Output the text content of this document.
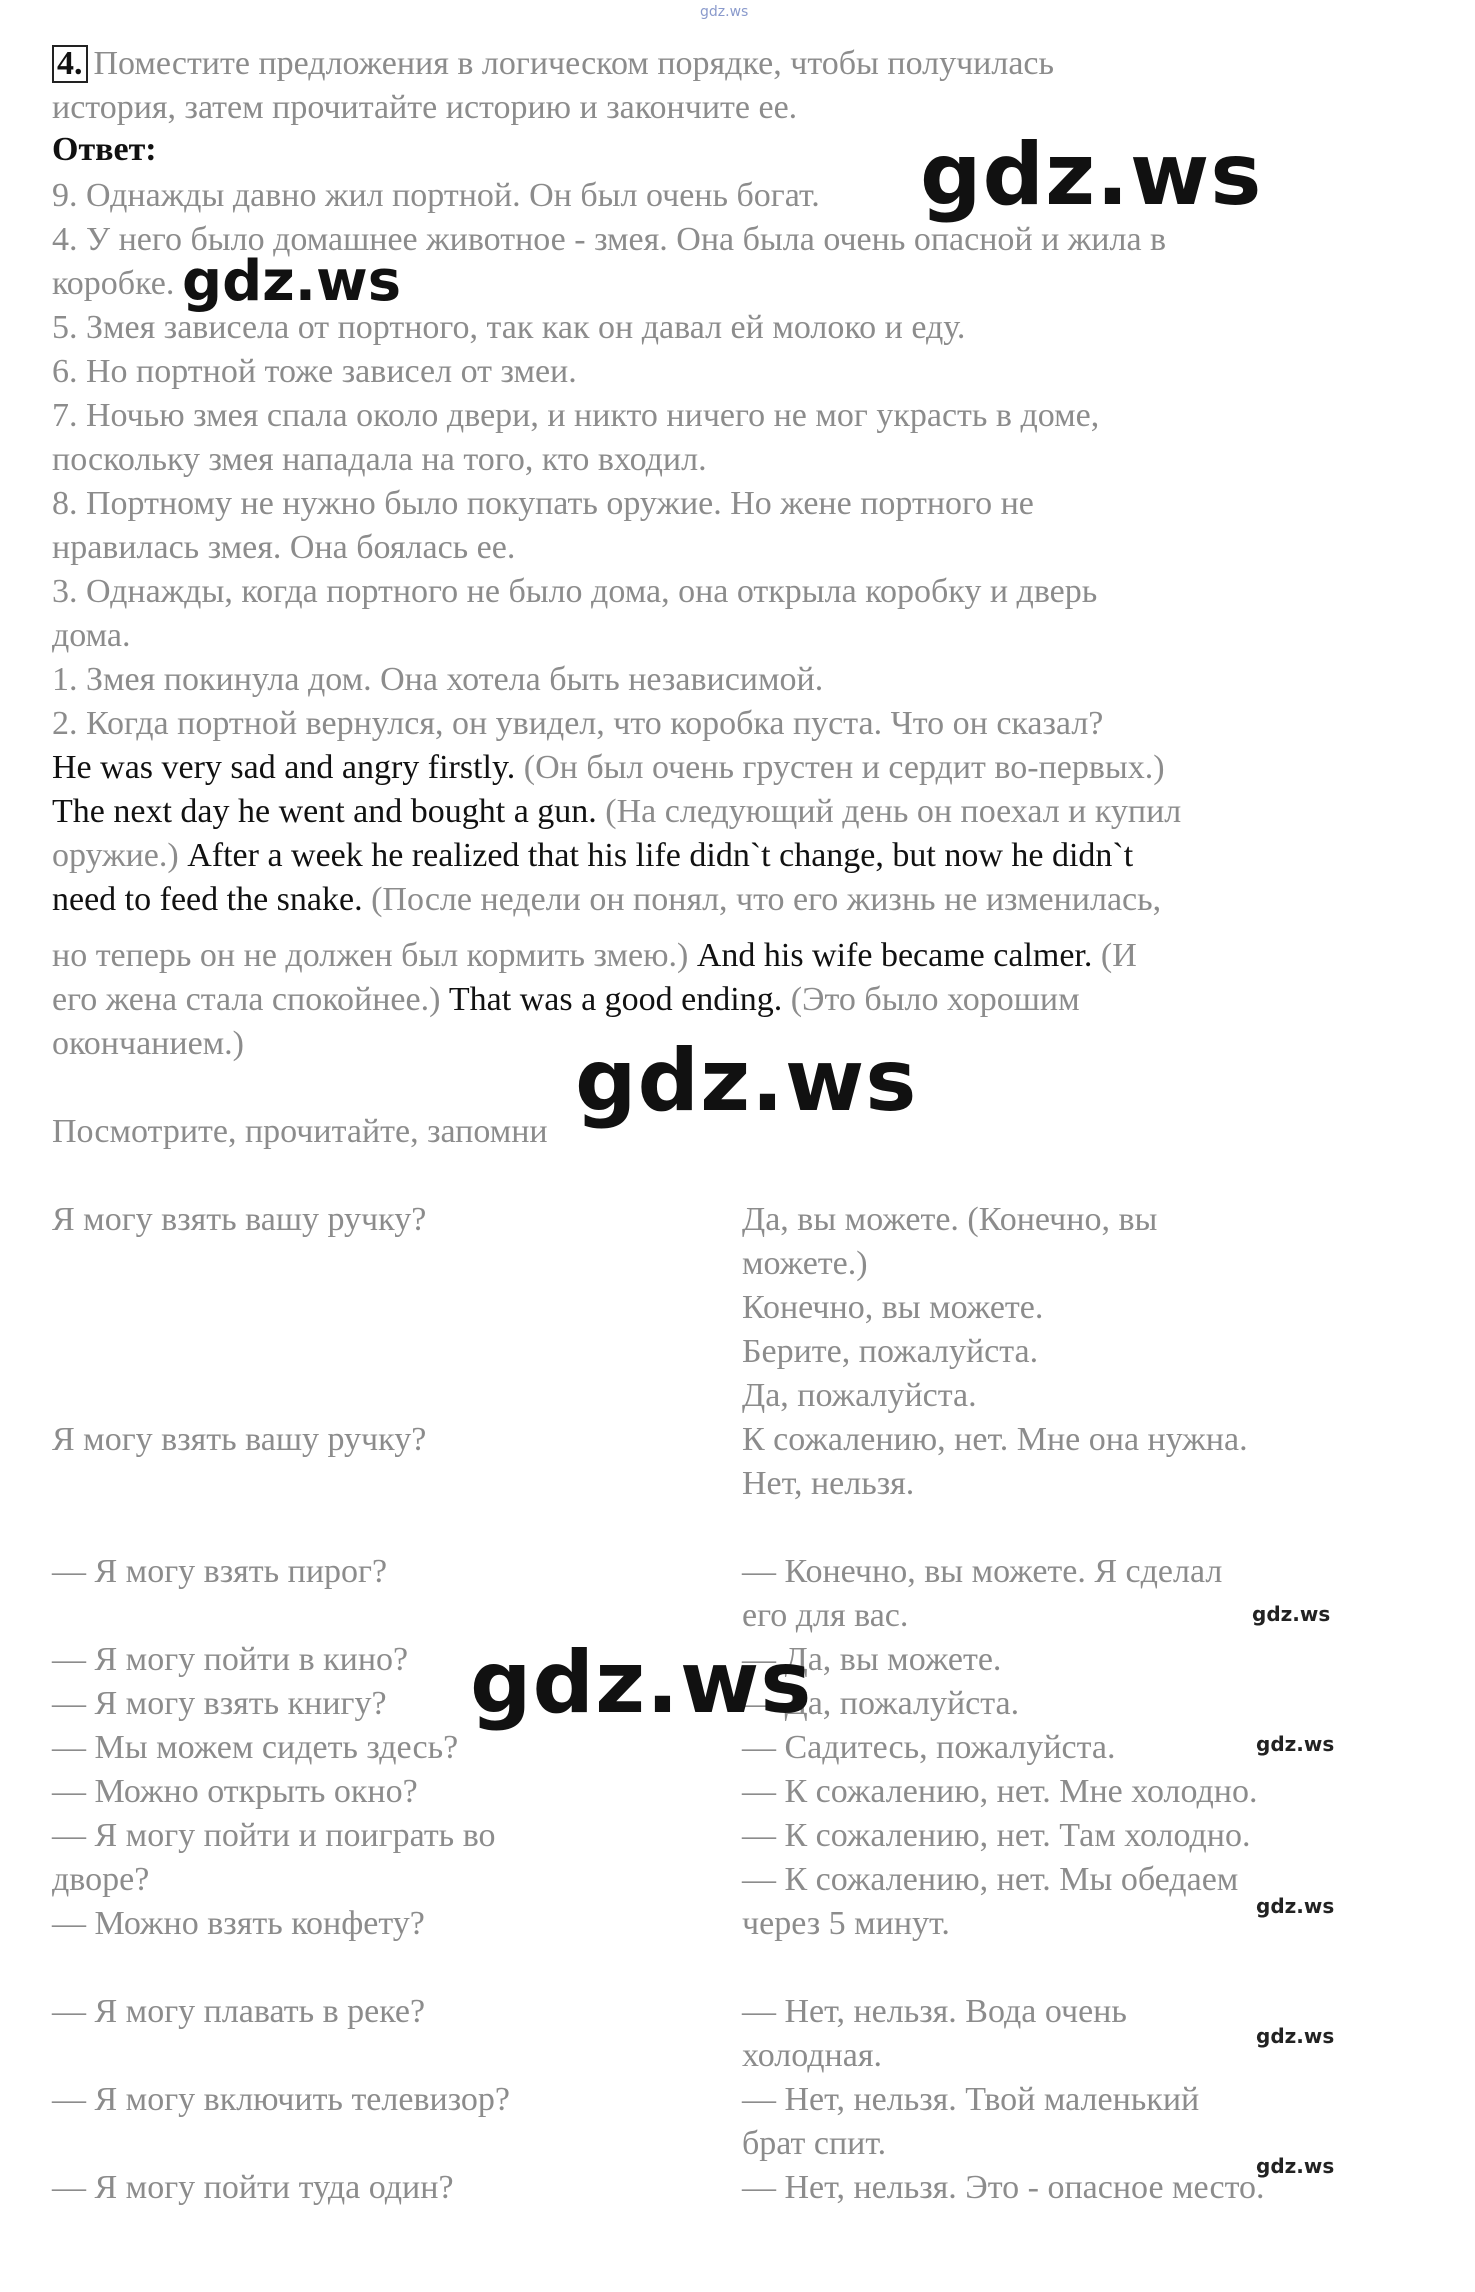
gdz.ws
4. Поместите предложения в логическом порядке, чтобы получилась
история, затем прочитайте историю и закончите ее.
Ответ:
9. Однажды давно жил портной. Он был очень богат.
4. У него было домашнее животное - змея. Она была очень опасной и жила в
коробке.
5. Змея зависела от портного, так как он давал ей молоко и еду.
6. Но портной тоже зависел от змеи.
7. Ночью змея спала около двери, и никто ничего не мог украсть в доме,
поскольку змея нападала на того, кто входил.
8. Портному не нужно было покупать оружие. Но жене портного не
нравилась змея. Она боялась ее.
3. Однажды, когда портного не было дома, она открыла коробку и дверь
дома.
1. Змея покинула дом. Она хотела быть независимой.
2. Когда портной вернулся, он увидел, что коробка пуста. Что он сказал?
He was very sad and angry firstly. (Он был очень грустен и сердит во-первых.)
The next day he went and bought a gun. (На следующий день он поехал и купил
оружие.) After a week he realized that his life didn`t change, but now he didn`t
need to feed the snake. (После недели он понял, что его жизнь не изменилась,
но теперь он не должен был кормить змею.) And his wife became calmer. (И
его жена стала спокойнее.) That was a good ending. (Это было хорошим
окончанием.)
Посмотрите, прочитайте, запомни
Я могу взять вашу ручку?	Да, вы можете. (Конечно, вы
можете.)
Конечно, вы можете.
Берите, пожалуйста.
Да, пожалуйста.
Я могу взять вашу ручку?	К сожалению, нет. Мне она нужна.
Нет, нельзя.
— Я могу взять пирог?
— Я могу пойти в кино?
— Я могу взять книгу?
— Мы можем сидеть здесь?
— Можно открыть окно?
— Я могу пойти и поиграть во
дворе?
— Можно взять конфету?
— Я могу плавать в реке?
— Я могу включить телевизор?
— Я могу пойти туда один?
— Конечно, вы можете. Я сделал
его для вас.
— Да, вы можете.
— Да, пожалуйста.
— Садитесь, пожалуйста.
— К сожалению, нет. Мне холодно.
— К сожалению, нет. Там холодно.
— К сожалению, нет. Мы обедаем
через 5 минут.
— Нет, нельзя. Вода очень
холодная.
— Нет, нельзя. Твой маленький
брат спит.
— Нет, нельзя. Это - опасное место.
gdz.ws
gdz.ws
gdz.ws
gdz.ws
gdz.ws
gdz.ws
gdz.ws
gdz.ws
gdz.ws
